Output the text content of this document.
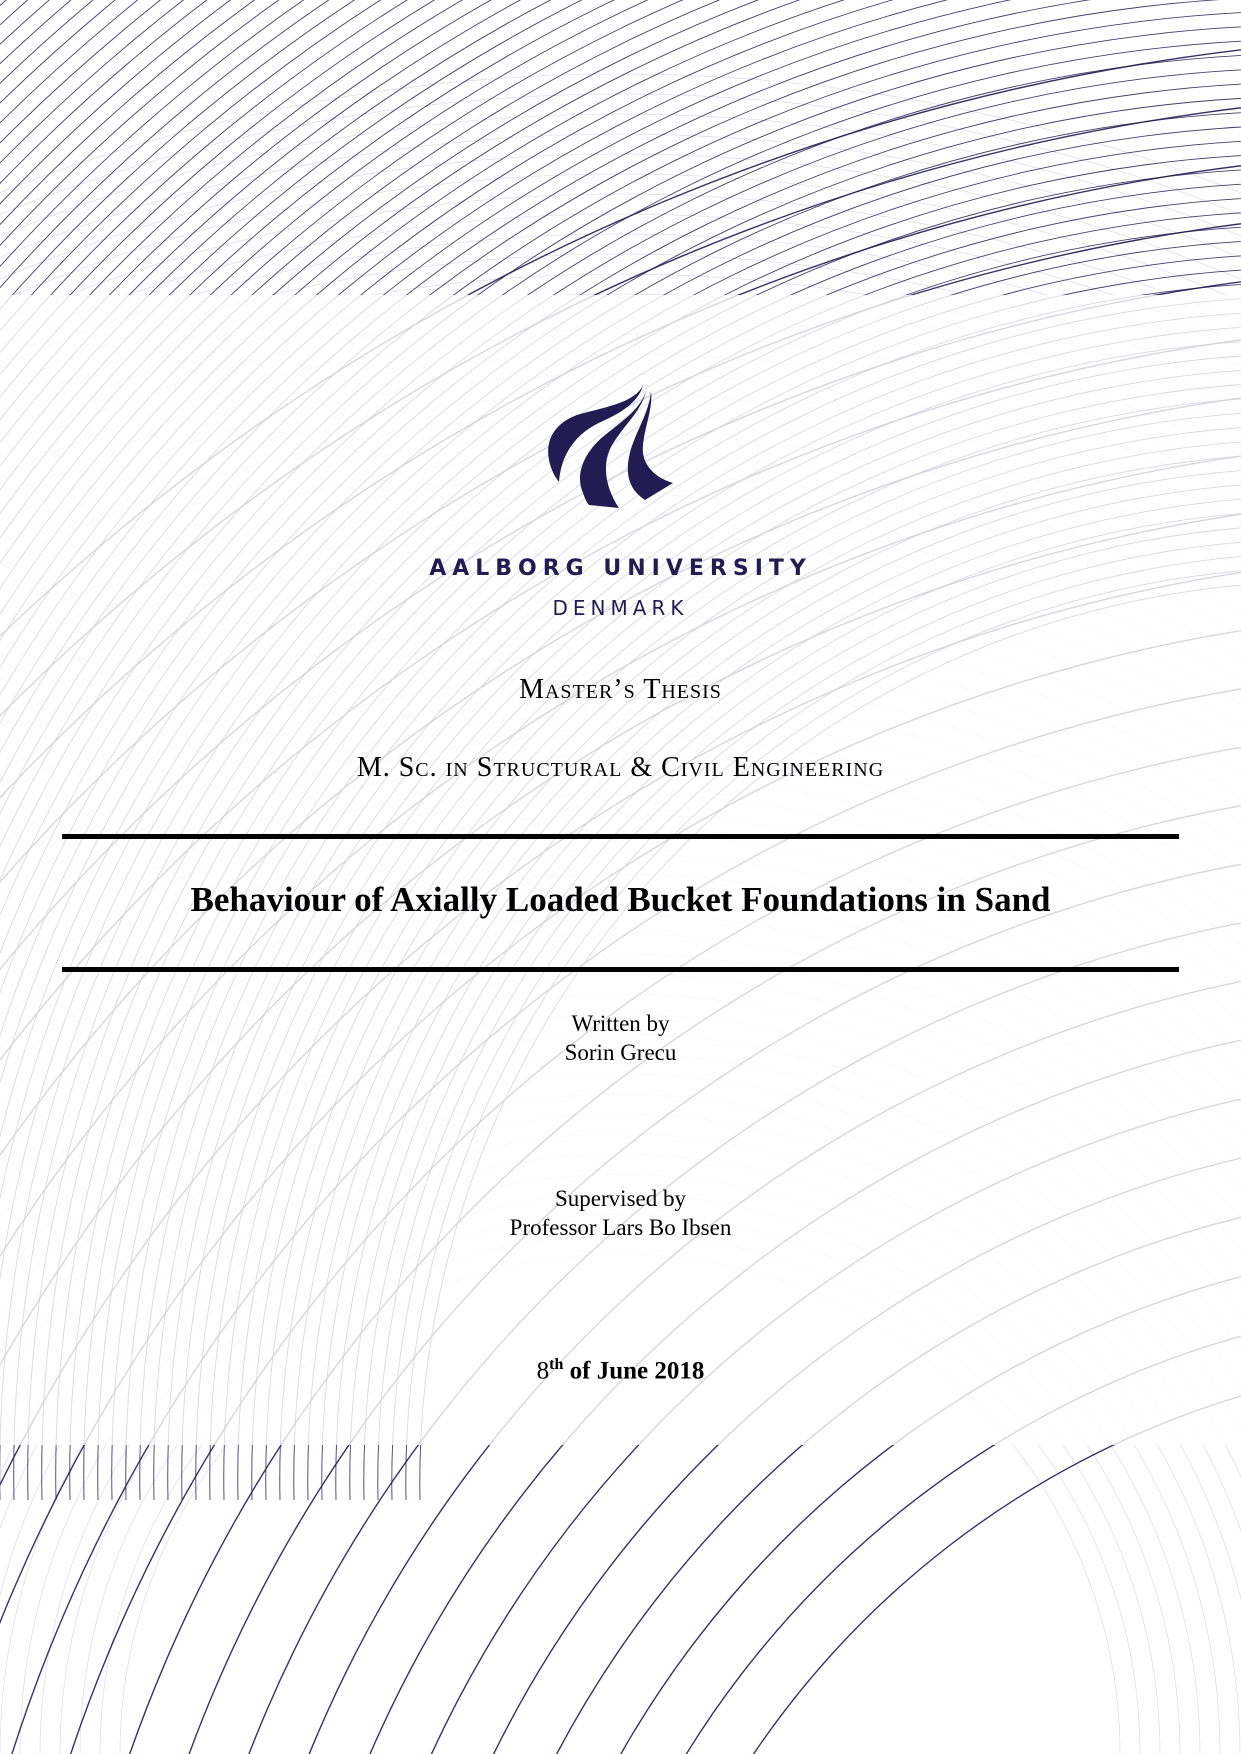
AALBORG UNIVERSITY
DENMARK
Master’s Thesis
M. Sc. in Structural & Civil Engineering
Behaviour of Axially Loaded Bucket Foundations in Sand
Written by
Sorin Grecu
Supervised by
Professor Lars Bo Ibsen
8th of June 2018
